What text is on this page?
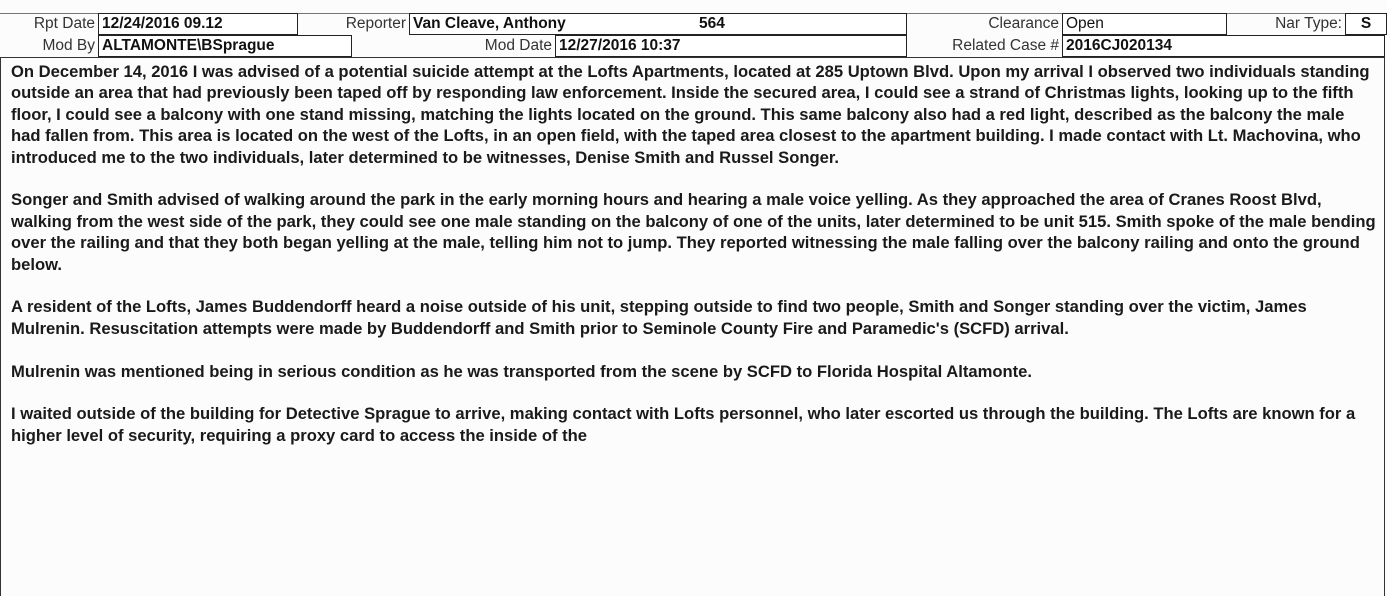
Rpt Date 12/24/2016 09.12	Reporter Van Cleave, Anthony	564	Clearance Open	Nar Type:	S
Mod By ALTAMONTE\BSprague	Mod Date 12/27/2016 10:37	Related Case # 2016CJ020134

On December 14, 2016 I was advised of a potential suicide attempt at the Lofts Apartments, located at 285 Uptown Blvd. Upon my arrival I observed two individuals standing outside an area that had previously been taped off by responding law enforcement. Inside the secured area, I could see a strand of Christmas lights, looking up to the fifth floor, I could see a balcony with one stand missing, matching the lights located on the ground. This same balcony also had a red light, described as the balcony the male had fallen from. This area is located on the west of the Lofts, in an open field, with the taped area closest to the apartment building. I made contact with Lt. Machovina, who introduced me to the two individuals, later determined to be witnesses, Denise Smith and Russel Songer.

Songer and Smith advised of walking around the park in the early morning hours and hearing a male voice yelling. As they approached the area of Cranes Roost Blvd, walking from the west side of the park, they could see one male standing on the balcony of one of the units, later determined to be unit 515. Smith spoke of the male bending over the railing and that they both began yelling at the male, telling him not to jump. They reported witnessing the male falling over the balcony railing and onto the ground below.

A resident of the Lofts, James Buddendorff heard a noise outside of his unit, stepping outside to find two people, Smith and Songer standing over the victim, James Mulrenin. Resuscitation attempts were made by Buddendorff and Smith prior to Seminole County Fire and Paramedic's (SCFD) arrival.

Mulrenin was mentioned being in serious condition as he was transported from the scene by SCFD to Florida Hospital Altamonte.

I waited outside of the building for Detective Sprague to arrive, making contact with Lofts personnel, who later escorted us through the building. The Lofts are known for a higher level of security, requiring a proxy card to access the inside of the
